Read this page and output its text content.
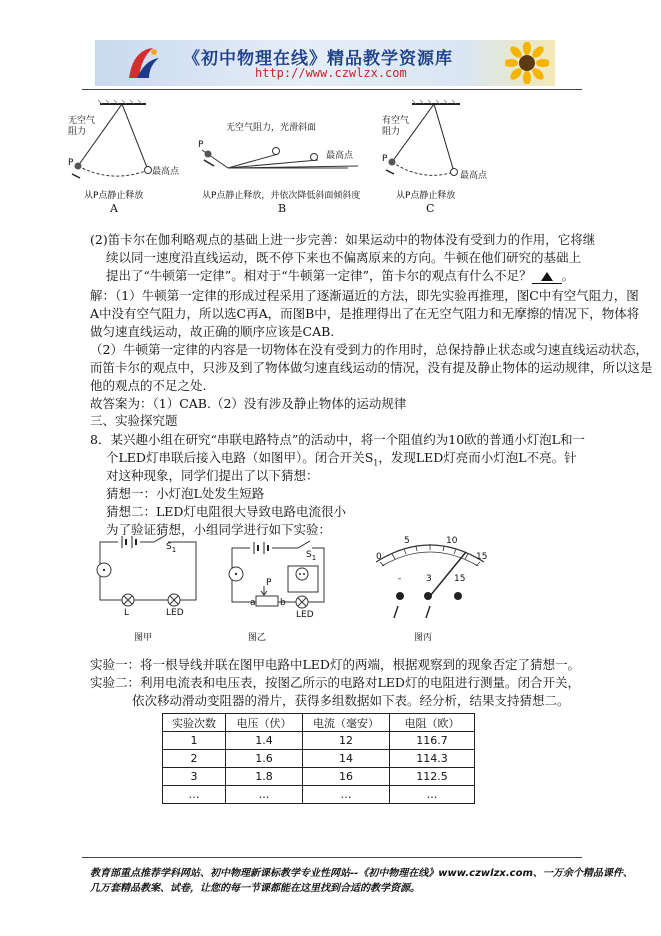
《初中物理在线》精品教学资源库
http://www.czwlzx.com
无空气
阻力
P
最高点
从P点静止释放
A
无空气阻力，光滑斜面
P
最高点
从P点静止释放，并依次降低斜面倾斜度
B
有空气
阻力
P
最高点
从P点静止释放
C
(2)笛卡尔在伽利略观点的基础上进一步完善：如果运动中的物体没有受到力的作用，它将继
续以同一速度沿直线运动，既不停下来也不偏离原来的方向。牛顿在他们研究的基础上
提出了“牛顿第一定律”。相对于“牛顿第一定律”，笛卡尔的观点有什么不足？ 。
解：（1）牛顿第一定律的形成过程采用了逐渐逼近的方法，即先实验再推理，图C中有空气阻力，图
A中没有空气阻力，所以选C再A，而图B中，是推理得出了在无空气阻力和无摩擦的情况下，物体将
做匀速直线运动，故正确的顺序应该是CAB.
（2）牛顿第一定律的内容是一切物体在没有受到力的作用时，总保持静止状态或匀速直线运动状态，
而笛卡尔的观点中，只涉及到了物体做匀速直线运动的情况，没有提及静止物体的运动规律，所以这是
他的观点的不足之处.
故答案为：（1）CAB.（2）没有涉及静止物体的运动规律
三、实验探究题
8．某兴趣小组在研究“串联电路特点”的活动中，将一个阻值约为10欧的普通小灯泡L和一
个LED灯串联后接入电路（如图甲）。闭合开关$S_1$，发现LED灯亮而小灯泡L不亮。针
对这种现象，同学们提出了以下猜想：
猜想一：小灯泡L处发生短路
猜想二：LED灯电阻很大导致电路电流很小
为了验证猜想，小组同学进行如下实验：
$S_1$
L	LED
图甲
$S_1$
P
a	b
LED
图乙
0
5	10
15
-	3 15
图丙
实验一：将一根导线并联在图甲电路中LED灯的两端，根据观察到的现象否定了猜想一。
实验二：利用电流表和电压表，按图乙所示的电路对LED灯的电阻进行测量。闭合开关，
依次移动滑动变阻器的滑片，获得多组数据如下表。经分析，结果支持猜想二。
实验次数	电压（伏）	电流（毫安）	电阻（欧）
1	1.4	12	116.7
2	1.6	14	114.3
3	1.8	16	112.5
…	…	…	…
教育部重点推荐学科网站、初中物理新课标教学专业性网站--《初中物理在线》www.czwlzx.com、一万余个精品课件、
几万套精品教案、试卷，让您的每一节课都能在这里找到合适的教学资源。
